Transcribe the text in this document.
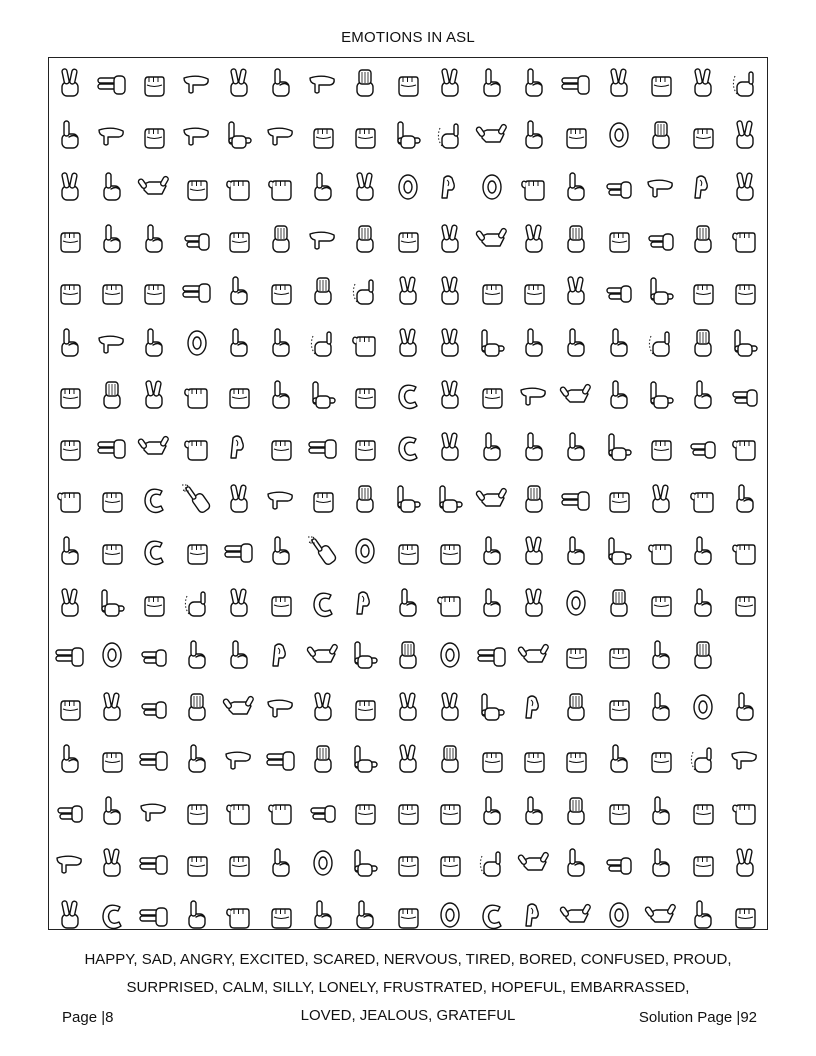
EMOTIONS IN ASL
HAPPY, SAD, ANGRY, EXCITED, SCARED, NERVOUS, TIRED, BORED, CONFUSED, PROUD,
SURPRISED, CALM, SILLY, LONELY, FRUSTRATED, HOPEFUL, EMBARRASSED,
LOVED, JEALOUS, GRATEFUL
Page |8	Solution Page |92
